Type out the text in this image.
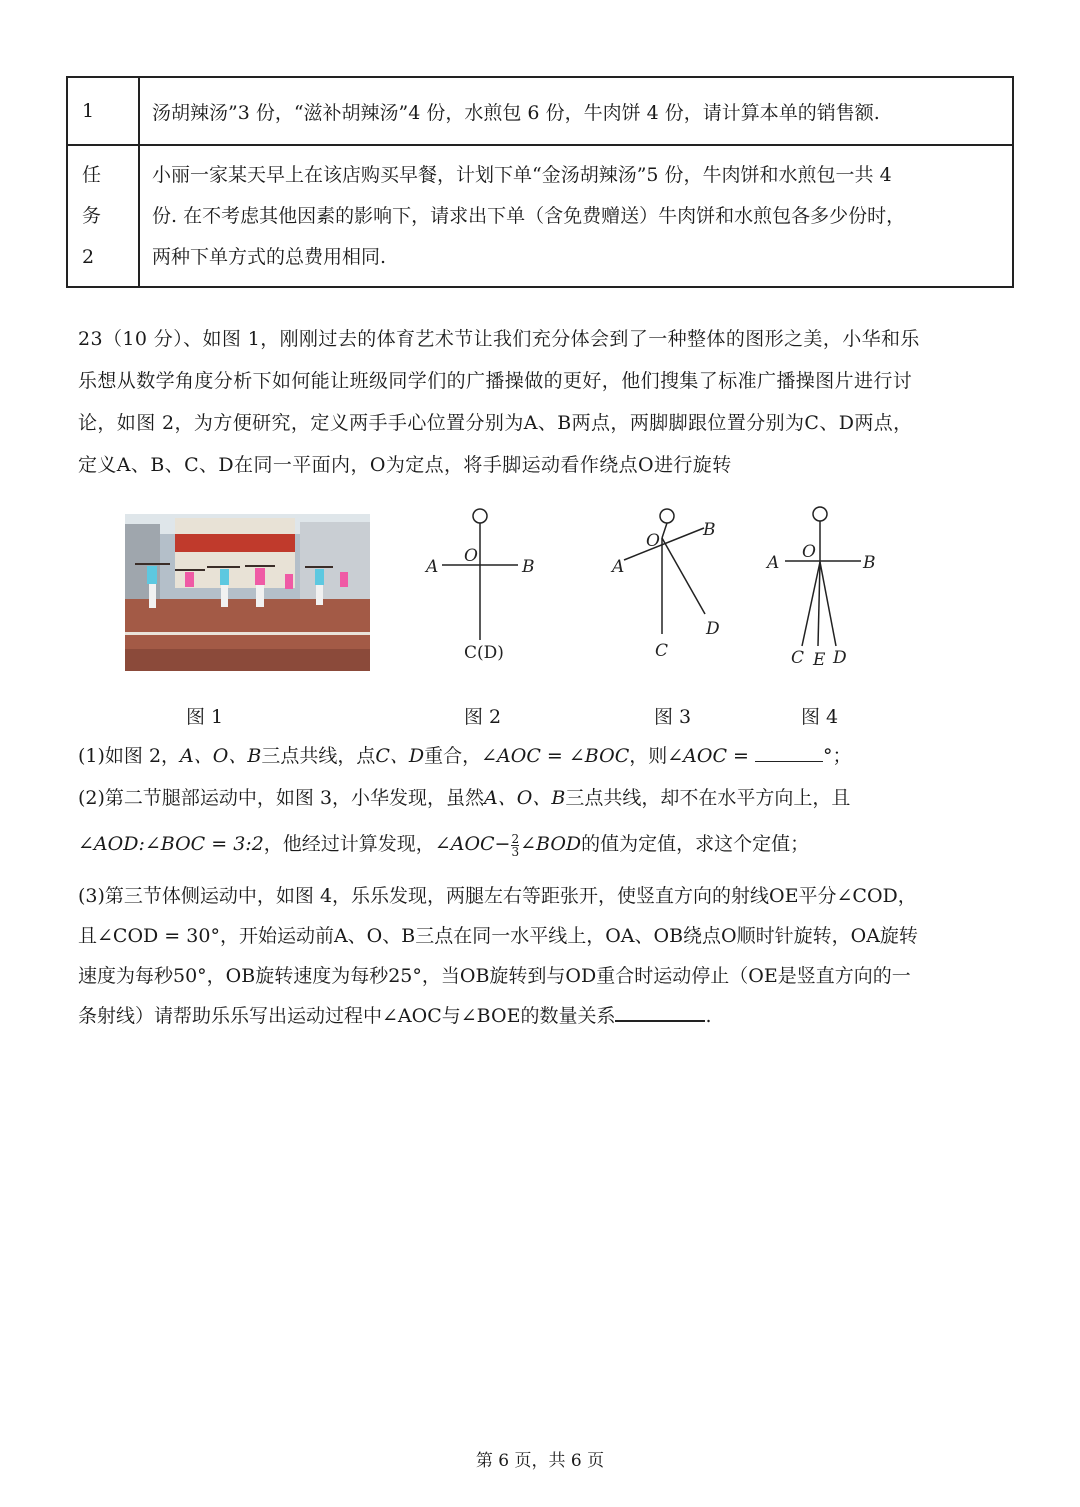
1	汤胡辣汤”3 份，“滋补胡辣汤”4 份，水煎包 6 份，牛肉饼 4 份，请计算本单的销售额.

任
务
2	小丽一家某天早上在该店购买早餐，计划下单“金汤胡辣汤”5 份，牛肉饼和水煎包一共 4
份. 在不考虑其他因素的影响下，请求出下单（含免费赠送）牛肉饼和水煎包各多少份时，
两种下单方式的总费用相同.

23（10 分）、如图 1，刚刚过去的体育艺术节让我们充分体会到了一种整体的图形之美，小华和乐

乐想从数学角度分析下如何能让班级同学们的广播操做的更好，他们搜集了标准广播操图片进行讨

论，如图 2，为方便研究，定义两手手心位置分别为A、B两点，两脚脚跟位置分别为C、D两点，

定义A、B、C、D在同一平面内，O为定点，将手脚运动看作绕点O进行旋转

A
O
B
C(D)
A
O
B
C
D
A
O
B
C E D
图 1	图 2	图 3	图 4
(1)如图 2，A、O、B三点共线，点C、D重合，∠AOC = ∠BOC，则∠AOC =	°；
(2)第二节腿部运动中，如图 3，小华发现，虽然A、O、B三点共线，却不在水平方向上，且
∠AOD:∠BOC = 3:2，他经过计算发现，∠AOC− $\frac{2}{3}$ ∠BOD的值为定值，求这个定值；
(3)第三节体侧运动中，如图 4，乐乐发现，两腿左右等距张开，使竖直方向的射线OE平分∠COD，
且∠COD = 30°，开始运动前A、O、B三点在同一水平线上，OA、OB绕点O顺时针旋转，OA旋转
速度为每秒50°，OB旋转速度为每秒25°，当OB旋转到与OD重合时运动停止（OE是竖直方向的一
条射线）请帮助乐乐写出运动过程中∠AOC与∠BOE的数量关系	.
第 6 页，共 6 页
